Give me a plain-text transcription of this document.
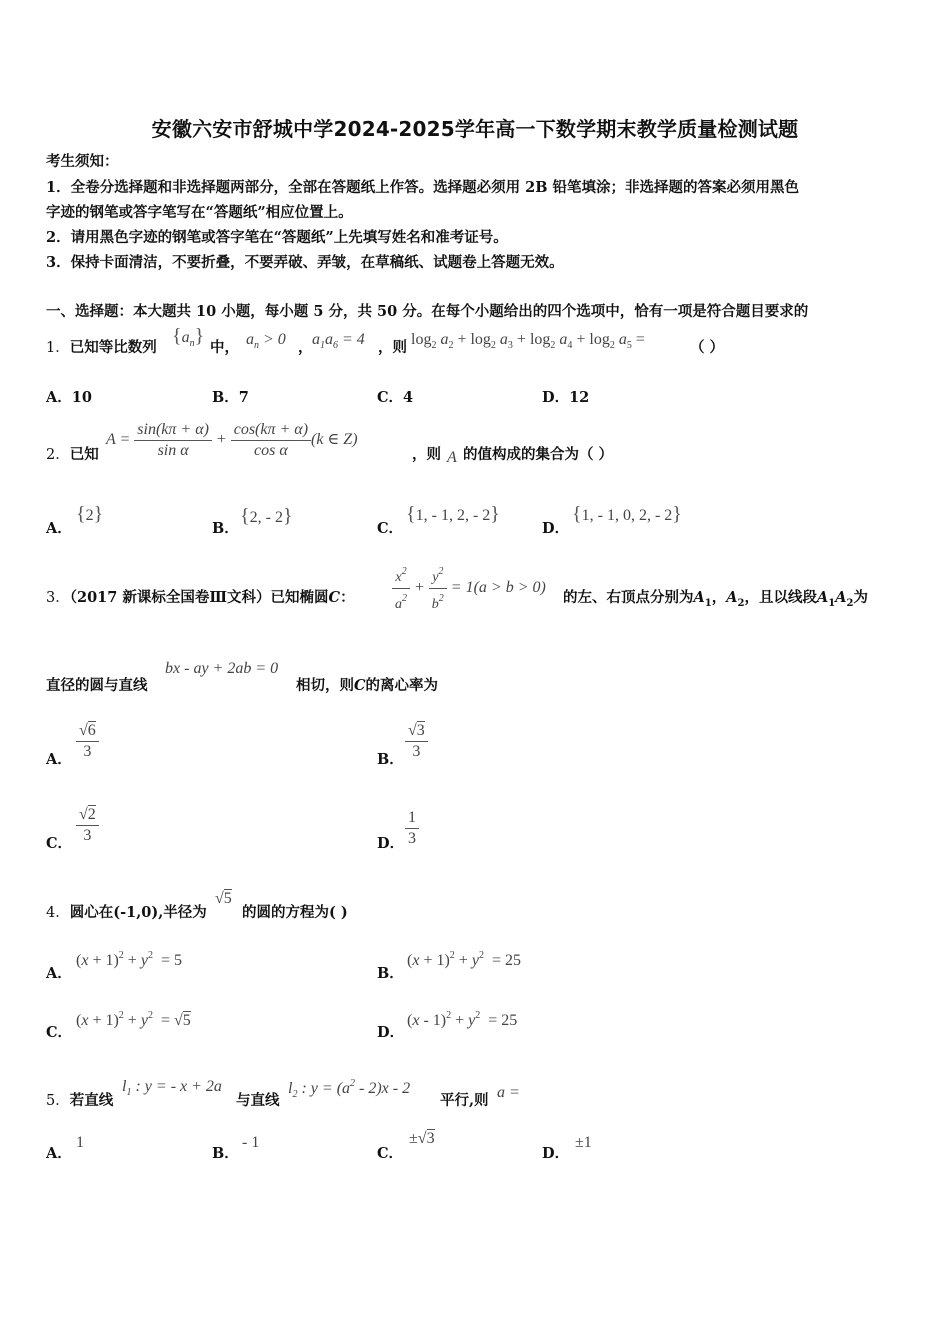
安徽六安市舒城中学2024-2025学年高一下数学期末教学质量检测试题
考生须知：
1．全卷分选择题和非选择题两部分，全部在答题纸上作答。选择题必须用 2B 铅笔填涂；非选择题的答案必须用黑色
字迹的钢笔或答字笔写在“答题纸”相应位置上。
2．请用黑色字迹的钢笔或答字笔在“答题纸”上先填写姓名和准考证号。
3．保持卡面清洁，不要折叠，不要弄破、弄皱，在草稿纸、试题卷上答题无效。
一、选择题：本大题共 10 小题，每小题 5 分，共 50 分。在每个小题给出的四个选项中，恰有一项是符合题目要求的
1．已知等比数列
$\{a_n\}$
中， $a_n > 0$ ， $a_1a_6 = 4$ ，则 $\log_2 a_2 + \log_2 a_3 + \log_2 a_4 + \log_2 a_5$ =	（ ）
A．10	B．7	C．4	D．12
2．已知
$A = \frac{\sin(k\pi + \alpha)}{\text{sin α}} + \frac{\cos(k\pi + \alpha)}{\text{cos α}} (k$ ∈ Z)
，则 A 的值构成的集合为（ ）
A．
{2}
B．
{2, - 2}
C．
{1, - 1, 2, - 2}
D．
{1, - 1, 0, 2, - 2}
3．（2017 新课标全国卷Ⅲ文科）已知椭圆C：	$\frac{x^2}{a^2} + \frac{y^2}{b^2} = 1(a > b > 0)$
的左、右顶点分别为$A_1$，$A_2$，且以线段$A_1A_2$为
直径的圆与直线
bx - ay + 2ab = 0
相切，则C的离心率为
A． $\frac{√6}{3}$	B． $\frac{√3}{3}$
C． $\frac{√2}{3}$	D． $\frac{1}{3}$
4．圆心在(-1,0),半径为
√5
的圆的方程为( )
A．
$(x + 1)^2 + y^2 = 5$
B．
$(x + 1)^2 + y^2 = 25$
C．
$(x + 1)^2 + y^2 = √5$
D．
$(x - 1)^2 + y^2 = 25$
5．若直线
$l_1$ : y = - x + 2a
与直线
$l_2$ : $y = (a^2 - 2)x - 2$
平行,则 a =
A．
1
B．
- 1
C．
±√3
D．
±1
